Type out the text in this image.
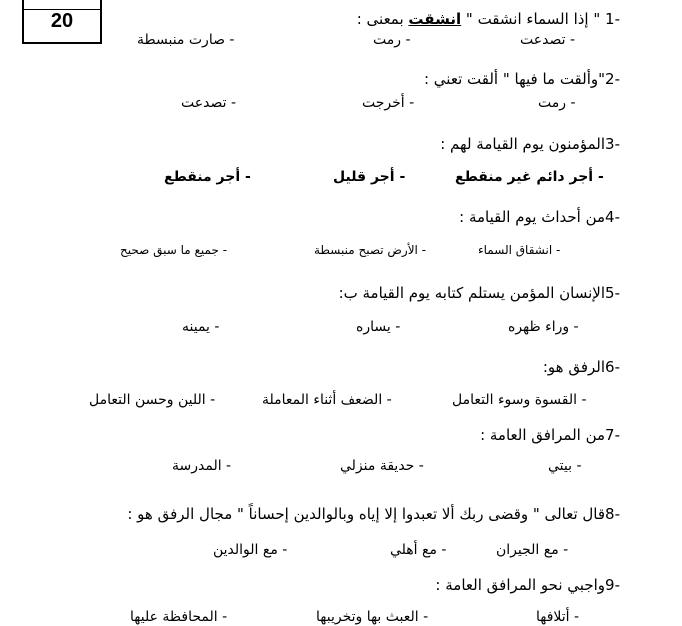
20	-1 " إذا السماء انشقت " انشقت بمعنى :
تصدعت -
رمت -
صارت منبسطة -
-2"وألقت ما فيها " ألقت تعني :
رمت -
أخرجت -
تصدعت -
-3المؤمنون يوم القيامة لهم :
أجر دائم غير منقطع -
أجر قليل -
أجر منقطع -
-4من أحداث يوم القيامة :
انشقاق السماء -
الأرض تصبح منبسطة -
جميع ما سبق صحيح -
-5الإنسان المؤمن يستلم كتابه يوم القيامة ب:
وراء ظهره -
يساره -
يمينه -
-6الرفق هو:
القسوة وسوء التعامل -
الضعف أثناء المعاملة -
اللين وحسن التعامل -
-7من المرافق العامة :
بيتي -
حديقة منزلي -
المدرسة -
-8قال تعالى " وقضى ربك ألا تعبدوا إلا إياه وبالوالدين إحساناً " مجال الرفق هو :
مع الجيران -
مع أهلي -
مع الوالدين -
-9واجبي نحو المرافق العامة :
أتلافها -
العبث بها وتخريبها -
المحافظة عليها -
